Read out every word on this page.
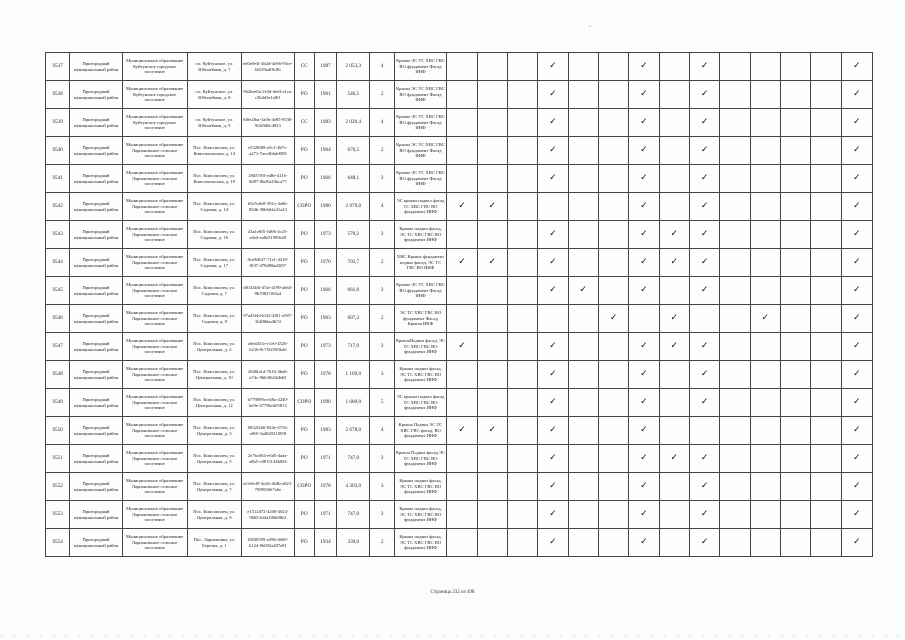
9537	Пригородный муниципальный район	Муниципальное образование Куйтунское городское поселение	г.п. Куйтунское, ул. Юбилейная, д. 7	ee0a9e3f-4b2d-4e96-93ce-b61f9a4f0c8b	СС	1987	2 053,3	4	Крыша ЭС ТС ХВС ГВС ВО фундамент Фасад ИНФ				✓			✓		✓					✓
9538	Пригородный муниципальный район	Муниципальное образование Куйтунское городское поселение	г.п. Куйтунское, ул. Юбилейная, д. 8	9b2bea5a-2e3d-4e6f-a1ca-c5b4d3e1a8f1	РО	1961	546,5	2	Крыша ЭС ТС ХВС ГВС ВО фундамент Фасад ИНФ				✓			✓		✓					✓
9539	Пригородный муниципальный район	Муниципальное образование Куйтунское городское поселение	г.п. Куйтунское, ул. Юбилейная, д. 9	6f0e2fba-1a0b-4e85-9536-9f2f0d8c4823	СС	1983	2 020,4	4	Крыша ЭС ТС ХВС ГВС ВО фундамент Фасад ИНФ				✓			✓		✓					✓
9540	Пригородный муниципальный район	Муниципальное образование Ларионовское сельское поселение	Пос. Комсомолец, ул. Комсомольская, д. 14	e5328f09-a3c1-4b7c-a271-7ace4bbdd058	РО	1964	670,5	2	Крыша ЭС ТС ХВС ГВС ВО фундамент Фасад ИНФ				✓			✓		✓					✓
9541	Пригородный муниципальный район	Муниципальное образование Ларионовское сельское поселение	Пос. Комсомолец, ул. Комсомольская, д. 19	29d57f0f-e48e-4116-8d97-0bd5a23bca77	РО	1966	648,1	2	Крыша ЭС ТС ХВС ГВС ВО фундамент Фасад ИНФ				✓			✓		✓					✓
9542	Пригородный муниципальный район	Муниципальное образование Ларионовское сельское поселение	Пос. Комсомолец, ул. Садовая, д. 14	b5e5c6e8-391c-4a0b-834b-30b6d2e41a23	СОРО	1980	2 979,0	4	ЭС крыша подвал фасад ТС ХВС ГВС ВО фундамент ИНФ	✓	✓					✓		✓					✓
9543	Пригородный муниципальный район	Муниципальное образование Ларионовское сельское поселение	Пос. Комсомолец, ул. Садовая, д. 16	43a1e8f5-5d06-4c25-a4e4-ea8e31999e28	РО	1973	570,2	2	Крыша подвал фасад, ЭС ТС ХВС ГВС ВО фундамент ИНФ				✓			✓	✓	✓					✓
9544	Пригородный муниципальный район	Муниципальное образование Ларионовское сельское поселение	Пос. Комсомолец, ул. Садовая, д. 17	0ce9d637-71e1-4418-8f37-478d98ad2f97	РО	1970	703,7	2	ХВС Крыша фундамент подвал фасад, ЭС ТС ГВС ВО ИНФ	✓	✓		✓			✓	✓	✓					✓
9545	Пригородный муниципальный район	Муниципальное образование Ларионовское сельское поселение	Пос. Комсомолец, ул. Садовая, д. 7	d814f4fb-47af-4199-ab64-8b70827f65a4	РО	1966	661,0	2	Крыша ЭС ТС ХВС ГВС ВО фундамент Фасад ИНФ				✓	✓		✓		✓					✓
9546	Пригородный муниципальный район	Муниципальное образование Ларионовское сельское поселение	Пос. Комсомолец, ул. Садовая, д. 9	97ad3f4d-b5f2-4f01-a587-3f4f8bba4b74	РО	1963	607,3	2	ЭС ТС ХВС ГВС ВО фундамент Фасад Крыша ИНФ						✓		✓			✓			✓
9547	Пригородный муниципальный район	Муниципальное образование Ларионовское сельское поселение	Пос. Комсомолец, ул. Центральная, д. 2	a6ed451e-e1e0-4520-b216-9c75f2595b4d	РО	1973	717,0	2	КрышаПодвал фасад, ЭС ТС ХВС ГВС ВО фундамент ИНФ	✓			✓			✓	✓	✓					✓
9548	Пригородный муниципальный район	Муниципальное образование Ларионовское сельское поселение	Пос. Комсомолец, ул. Центральная, д. 10	20d0fa1d-7b16-4ba6-a74c-96b3f623db65	РО	1978	1 109,0	3	Крыша подвал фасад, ЭС ТС ХВС ГВС ВО фундамент ИНФ				✓			✓		✓					✓
9549	Пригородный муниципальный район	Муниципальное образование Ларионовское сельское поселение	Пос. Комсомолец, ул. Центральная, д. 12	b779899a-e48a-4240-be9e-4779bcb05813	СОРО	1990	1 680,0	5	ЭС крыша подвал фасад ТС ХВС ГВС ВО фундамент ИНФ				✓			✓		✓					✓
9550	Пригородный муниципальный район	Муниципальное образование Ларионовское сельское поселение	Пос. Комсомолец, ул. Центральная, д. 3	0832f266-924e-4716-a9f0-3ad02021f858	РО	1983	2 678,0	4	Крыша Подвал ЭС ТС ХВС ГВС фасад, ВО фундамент ИНФ	✓	✓		✓			✓							✓
9551	Пригородный муниципальный район	Муниципальное образование Ларионовское сельское поселение	Пос. Комсомолец, ул. Центральная, д. 5	2e7bc064-e6d5-4aaa-a0b5-c0815144b826	РО	1971	747,0	2	Крыша Подвал фасад ЭС ТС ХВС ГВС ВО фундамент ИНФ				✓			✓	✓	✓					✓
9552	Пригородный муниципальный район	Муниципальное образование Ларионовское сельское поселение	Пос. Комсомолец, ул. Центральная, д. 7	ef1e6ef9-3e2b-4b4b-a823-70895fb67a6e	СОРО	1978	4 303,0	3	Крыша подвал фасад, ЭС ТС ХВС ГВС ВО фундамент ИНФ				✓			✓		✓					✓
9553	Пригородный муниципальный район	Муниципальное образование Ларионовское сельское поселение	Пос. Комсомолец, ул. Центральная, д. 9	e1512d72-4200-4024-9665-b4fa106b98e2	РО	1971	747,0	2	Крыша подвал фасад, ЭС ТС ХВС ГВС ВО фундамент ИНФ				✓			✓		✓					✓
9554	Пригородный муниципальный район	Муниципальное образование Ларионовское сельское поселение	Пос. Ларионовка, ул. Березка, д. 1	028f0599-a396-4669-b124-0b092a287e81	РО	1934	339,0	2	Крыша подвал фасад, ЭС ТС ХВС ГВС ВО фундамент ИНФ				✓			✓		✓					✓
Страница 232 из 498
